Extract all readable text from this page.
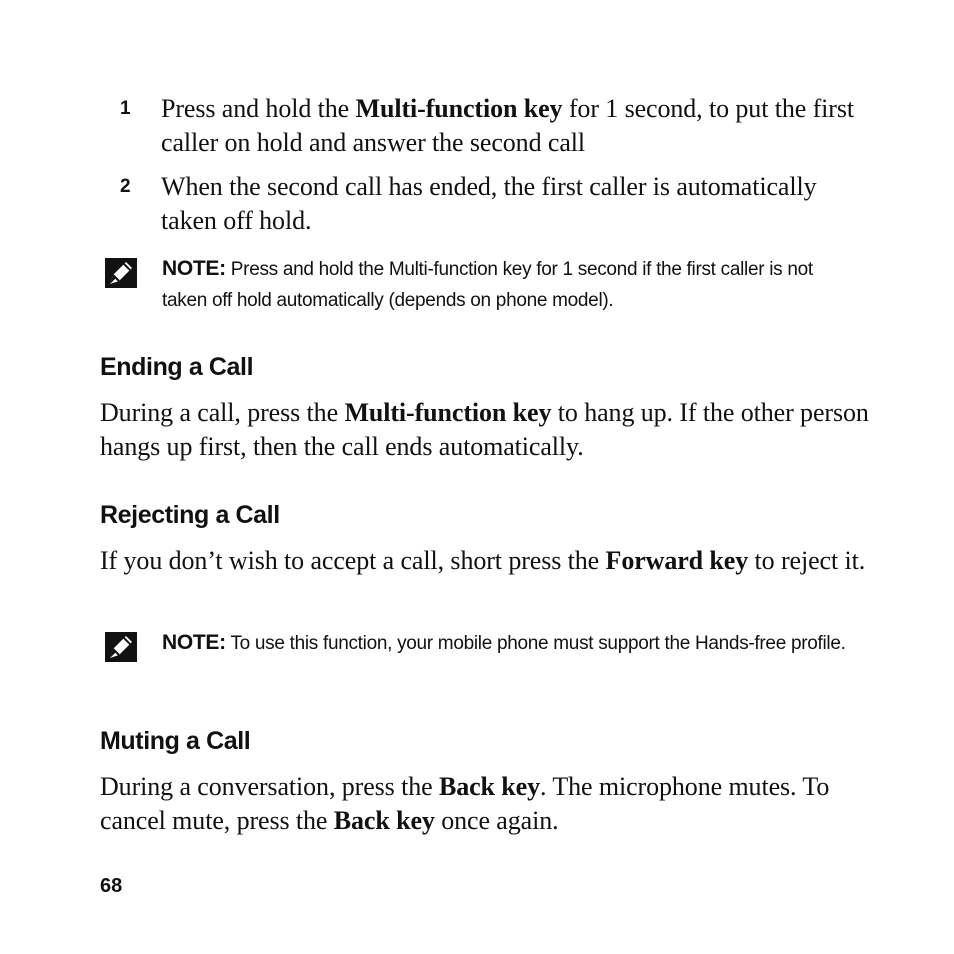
1 Press and hold the Multi-function key for 1 second, to put the first caller on hold and answer the second call
2 When the second call has ended, the first caller is automatically taken off hold.
NOTE: Press and hold the Multi-function key for 1 second if the first caller is not taken off hold automatically (depends on phone model).
Ending a Call
During a call, press the Multi-function key to hang up. If the other person hangs up first, then the call ends automatically.
Rejecting a Call
If you don’t wish to accept a call, short press the Forward key to reject it.
NOTE: To use this function, your mobile phone must support the Hands-free profile.
Muting a Call
During a conversation, press the Back key. The microphone mutes. To cancel mute, press the Back key once again.
68
